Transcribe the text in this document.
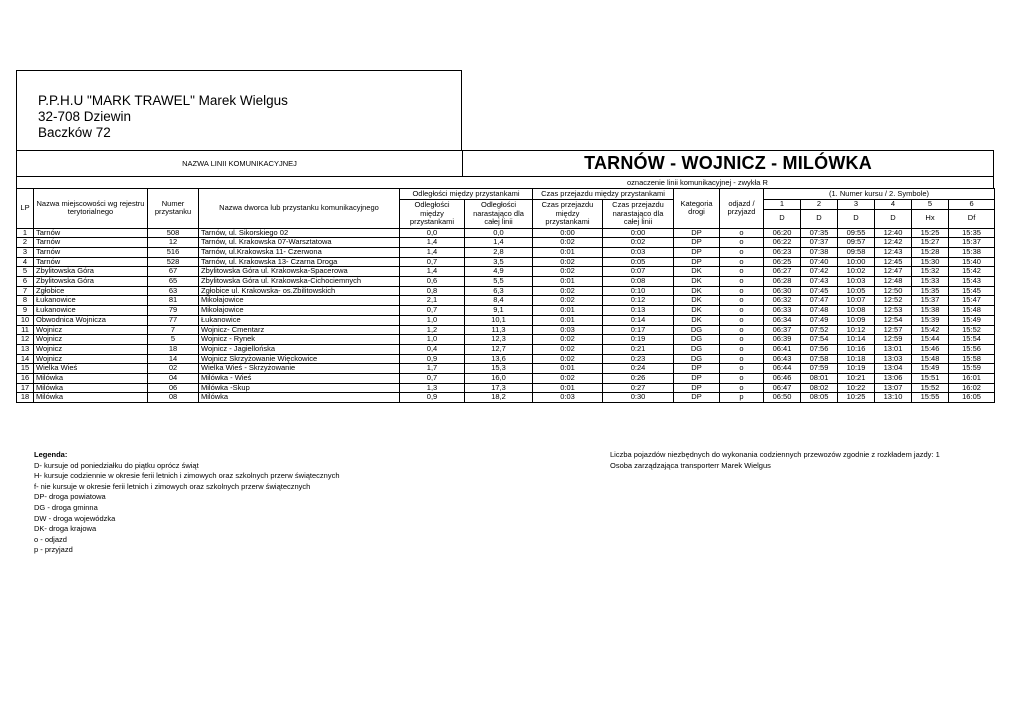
P.P.H.U "MARK TRAWEL" Marek Wielgus
32-708 Dziewin
Baczków 72
NAZWA LINII KOMUNIKACYJNEJ	TARNÓW - WOJNICZ - MILÓWKA
oznaczenie linii komunikacyjnej - zwykła R
LP	Nazwa miejscowości wg rejestru terytorialnego	Numer przystanku	Nazwa dworca lub przystanku komunikacyjnego	Odległości między przystankami		Czas przejazdu między przystankami		Kategoria drogi	odjazd / przyjazd	(1. Numer kursu / 2. Symbole)					
				Odległości między przystankami	Odległości narastająco dla całej linii	Czas przejazdu między przystankami	Czas przejazdu narastająco dla całej linii			1	2	3	4	5	6
										D	D	D	D	Hx	Df
1	Tarnów	508	Tarnów, ul. Sikorskiego 02	0,0	0,0	0:00	0:00	DP	o	06:20	07:35	09:55	12:40	15:25	15:35
2	Tarnów	12	Tarnów, ul. Krakowska 07-Warsztatowa	1,4	1,4	0:02	0:02	DP	o	06:22	07:37	09:57	12:42	15:27	15:37
3	Tarnów	516	Tarnów, ul.Krakowska 11- Czerwona	1,4	2,8	0:01	0:03	DP	o	06:23	07:38	09:58	12:43	15:28	15:38
4	Tarnów	528	Tarnów, ul. Krakowska 13- Czarna Droga	0,7	3,5	0:02	0:05	DP	o	06:25	07:40	10:00	12:45	15:30	15:40
5	Zbylitowska Góra	67	Zbylitowska Góra ul. Krakowska-Spacerowa	1,4	4,9	0:02	0:07	DK	o	06:27	07:42	10:02	12:47	15:32	15:42
6	Zbylitowska Góra	65	Zbylitowska Góra ul. Krakowska-Cichociemnych	0,6	5,5	0:01	0:08	DK	o	06:28	07:43	10:03	12:48	15:33	15:43
7	Zgłobice	63	Zgłobice ul. Krakowska- os.Zbilitowskich	0,8	6,3	0:02	0:10	DK	o	06:30	07:45	10:05	12:50	15:35	15:45
8	Łukanowice	81	Mikołajowice	2,1	8,4	0:02	0:12	DK	o	06:32	07:47	10:07	12:52	15:37	15:47
9	Łukanowice	79	Mikołajowice	0,7	9,1	0:01	0:13	DK	o	06:33	07:48	10:08	12:53	15:38	15:48
10	Obwodnica Wojnicza	77	Łukanowice	1,0	10,1	0:01	0:14	DK	o	06:34	07:49	10:09	12:54	15:39	15:49
11	Wojnicz	7	Wojnicz- Cmentarz	1,2	11,3	0:03	0:17	DG	o	06:37	07:52	10:12	12:57	15:42	15:52
12	Wojnicz	5	Wojnicz - Rynek	1,0	12,3	0:02	0:19	DG	o	06:39	07:54	10:14	12:59	15:44	15:54
13	Wojnicz	18	Wojnicz - Jagiellońska	0,4	12,7	0:02	0:21	DG	o	06:41	07:56	10:16	13:01	15:46	15:56
14	Wojnicz	14	Wojnicz Skrzyżowanie Więckowice	0,9	13,6	0:02	0:23	DG	o	06:43	07:58	10:18	13:03	15:48	15:58
15	Wielka Wieś	02	Wielka Wieś - Skrzyżowanie	1,7	15,3	0:01	0:24	DP	o	06:44	07:59	10:19	13:04	15:49	15:59
16	Milówka	04	Milówka - Wieś	0,7	16,0	0:02	0:26	DP	o	06:46	08:01	10:21	13:06	15:51	16:01
17	Milówka	06	Milówka -Skup	1,3	17,3	0:01	0:27	DP	o	06:47	08:02	10:22	13:07	15:52	16:02
18	Milówka	08	Milówka	0,9	18,2	0:03	0:30	DP	p	06:50	08:05	10:25	13:10	15:55	16:05
Legenda:
D- kursuje od poniedziałku do piątku oprócz świąt
H- kursuje codziennie w okresie ferii letnich i zimowych oraz szkolnych przerw świątecznych
f- nie kursuje w okresie ferii letnich i zimowych oraz szkolnych przerw świątecznych
DP- droga powiatowa
DG - droga gminna
DW - droga wojewódzka
DK- droga krajowa
o - odjazd
p - przyjazd
Liczba pojazdów niezbędnych do wykonania codziennych przewozów zgodnie z rozkładem jazdy: 1
Osoba zarządzająca transporterr Marek Wielgus
